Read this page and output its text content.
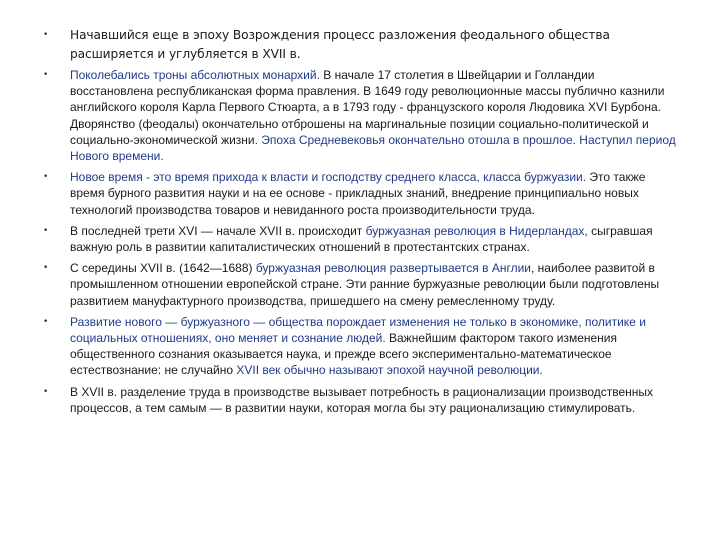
• Начавшийся еще в эпоху Возрождения процесс разложения феодального общества расширяется и углубляется в XVII в.
• Поколебались троны абсолютных монархий. В начале 17 столетия в Швейцарии и Голландии восстановлена республиканская форма правления. В 1649 году революционные массы публично казнили английского короля Карла Первого Стюарта, а в 1793 году - французского короля Людовика XVI Бурбона. Дворянство (феодалы) окончательно отброшены на маргинальные позиции социально-политической и социально-экономической жизни. Эпоха Средневековья окончательно отошла в прошлое. Наступил период Нового времени.
• Новое время - это время прихода к власти и господству среднего класса, класса буржуазии. Это также время бурного развития науки и на ее основе - прикладных знаний, внедрение принципиально новых технологий производства товаров и невиданного роста производительности труда.
• В последней трети XVI — начале XVII в. происходит буржуазная революция в Нидерландах, сыгравшая важную роль в развитии капиталистических отношений в протестантских странах.
• С середины XVII в. (1642—1688) буржуазная революция развертывается в Англии, наиболее развитой в промышленном отношении европейской стране. Эти ранние буржуазные революции были подготовлены развитием мануфактурного производства, пришедшего на смену ремесленному труду.
• Развитие нового — буржуазного — общества порождает изменения не только в экономике, политике и социальных отношениях, оно меняет и сознание людей. Важнейшим фактором такого изменения общественного сознания оказывается наука, и прежде всего экспериментально-математическое естествознание: не случайно XVII век обычно называют эпохой научной революции.
• В XVII в. разделение труда в производстве вызывает потребность в рационализации производственных процессов, а тем самым — в развитии науки, которая могла бы эту рационализацию стимулировать.
